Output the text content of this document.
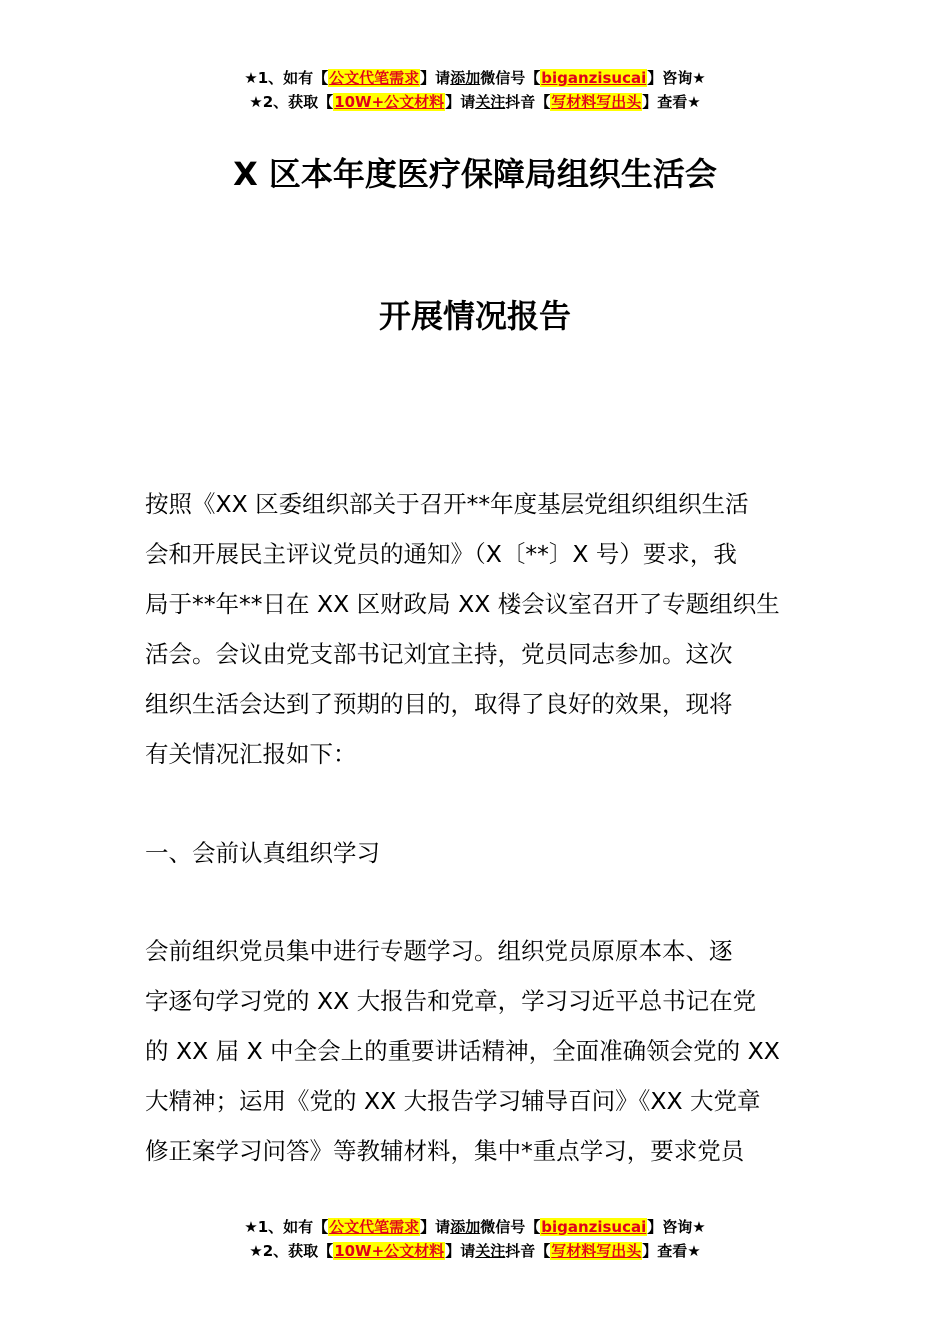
★1、如有【公文代笔需求】请添加微信号【biganzisucai】咨询★
★2、获取【10W+公文材料】请关注抖音【写材料写出头】查看★
X 区本年度医疗保障局组织生活会
开展情况报告
按照《XX 区委组织部关于召开**年度基层党组织组织生活
会和开展民主评议党员的通知》（X〔**〕X 号）要求，我
局于**年**日在 XX 区财政局 XX 楼会议室召开了专题组织生
活会。会议由党支部书记刘宜主持，党员同志参加。这次
组织生活会达到了预期的目的，取得了良好的效果，现将
有关情况汇报如下：
一、会前认真组织学习
会前组织党员集中进行专题学习。组织党员原原本本、逐
字逐句学习党的 XX 大报告和党章，学习习近平总书记在党
的 XX 届 X 中全会上的重要讲话精神，全面准确领会党的 XX
大精神；运用《党的 XX 大报告学习辅导百问》《XX 大党章
修正案学习问答》等教辅材料，集中*重点学习，要求党员
★1、如有【公文代笔需求】请添加微信号【biganzisucai】咨询★
★2、获取【10W+公文材料】请关注抖音【写材料写出头】查看★
